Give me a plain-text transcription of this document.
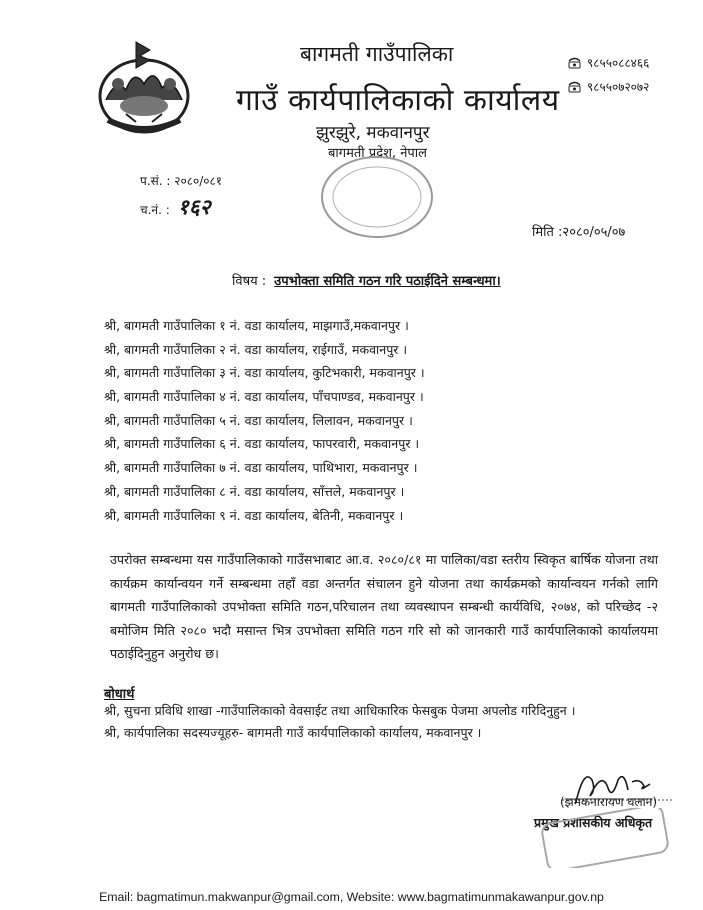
बागमती गाउँपालिका
गाउँ कार्यपालिकाको कार्यालय
झुरझुरे, मकवानपुर
बागमती प्रदेश, नेपाल
९८५५०८८४६६
९८५५०७२०७२
प.सं. : २०८०/०८१
च.नं. : १६२
मिति :२०८०/०५/०७
विषय : उपभोक्ता समिति गठन गरि पठाईदिने सम्बन्धमा।
श्री, बागमती गाउँपालिका १ नं. वडा कार्यालय, माझगाउँ,मकवानपुर ।
श्री, बागमती गाउँपालिका २ नं. वडा कार्यालय, राईगाउँ, मकवानपुर ।
श्री, बागमती गाउँपालिका ३ नं. वडा कार्यालय, कुटिभकारी, मकवानपुर ।
श्री, बागमती गाउँपालिका ४ नं. वडा कार्यालय, पाँचपाण्डव, मकवानपुर ।
श्री, बागमती गाउँपालिका ५ नं. वडा कार्यालय, लिलावन, मकवानपुर ।
श्री, बागमती गाउँपालिका ६ नं. वडा कार्यालय, फापरवारी, मकवानपुर ।
श्री, बागमती गाउँपालिका ७ नं. वडा कार्यालय, पाथिभारा, मकवानपुर ।
श्री, बागमती गाउँपालिका ८ नं. वडा कार्यालय, साँत्तले, मकवानपुर ।
श्री, बागमती गाउँपालिका ९ नं. वडा कार्यालय, बेतिनी, मकवानपुर ।
उपरोक्त सम्बन्धमा यस गाउँपालिकाको गाउँसभाबाट आ.व. २०८०/८१ मा पालिका/वडा स्तरीय स्विकृत बार्षिक योजना तथा कार्यक्रम कार्यान्वयन गर्ने सम्बन्धमा तहाँ वडा अन्तर्गत संचालन हुने योजना तथा कार्यक्रमको कार्यान्वयन गर्नको लागि बागमती गाउँपालिकाको उपभोक्ता समिति गठन,परिचालन तथा व्यवस्थापन सम्बन्धी कार्यविधि, २०७४, को परिच्छेद -२ बमोजिम मिति २०८० भदौ मसान्त भित्र उपभोक्ता समिति गठन गरि सो को जानकारी गाउँ कार्यपालिकाको कार्यालयमा पठाईदिनुहुन अनुरोध छ।
बोधार्थ
श्री, सुचना प्रविधि शाखा -गाउँपालिकाको वेवसाईट तथा आधिकारिक फेसबुक पेजमा अपलोड गरिदिनुहुन ।
श्री, कार्यपालिका सदस्यज्यूहरु- बागमती गाउँ कार्यपालिकाको कार्यालय, मकवानपुर ।
(झमकनारायण घलान)
प्रमुख प्रशासकीय अधिकृत
Email: bagmatimun.makwanpur@gmail.com, Website: www.bagmatimunmakawanpur.gov.np
